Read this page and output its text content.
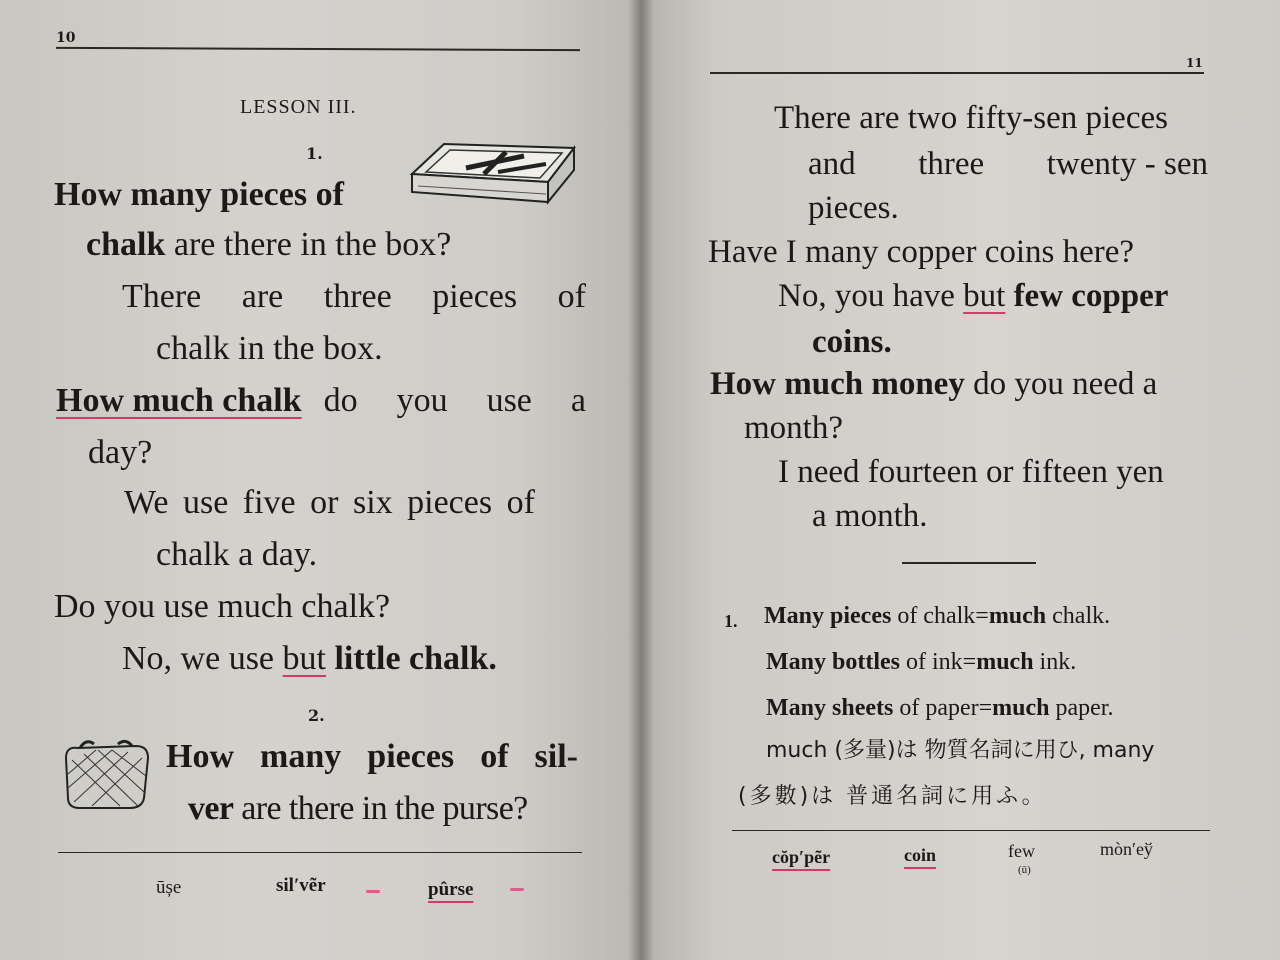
10
LESSON III.
1.
How many pieces of
chalk are there in the box?
There are three pieces of
chalk in the box.
How much chalk do you use a
day?
We use five or six pieces of
chalk a day.
Do you use much chalk?
No, we use but little chalk.
2.
How many pieces of sil-
ver are there in the purse?
ūșe	sil′vẽr	pûrse
11
There are two fifty-sen pieces
and three twenty - sen
pieces.
Have I many copper coins here?
No, you have but few copper
coins.
How much money do you need a
month?
I need fourteen or fifteen yen
a month.
1. Many pieces of chalk=much chalk.
Many bottles of ink=much ink.
Many sheets of paper=much paper.
much (多量)は 物質名詞に用ひ, many
(多數)は 普通名詞に用ふ。
cŏp′pẽr	coin	few
(ū)
mòn′eў
